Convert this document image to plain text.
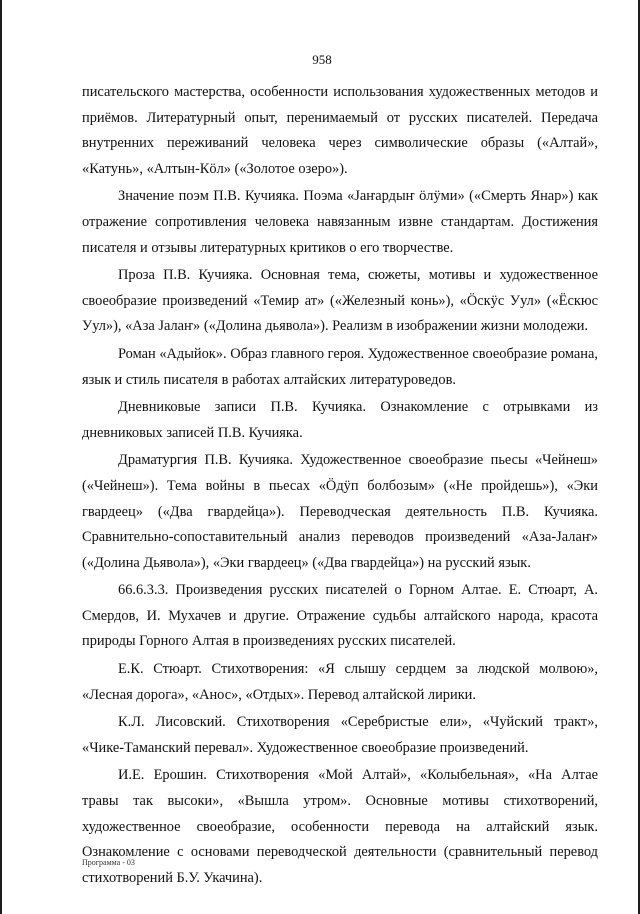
958

писательского мастерства, особенности использования художественных методов и приёмов. Литературный опыт, перенимаемый от русских писателей. Передача внутренних переживаний человека через символические образы («Алтай», «Катунь», «Алтын-Кӧл» («Золотое озеро»).

Значение поэм П.В. Кучияка. Поэма «Јаҥардыҥ ӧлӱми» («Смерть Янар») как отражение сопротивления человека навязанным извне стандартам. Достижения писателя и отзывы литературных критиков о его творчестве.

Проза П.В. Кучияка. Основная тема, сюжеты, мотивы и художественное своеобразие произведений «Темир ат» («Железный конь»), «Ӧскӱс Уул» («Ёскюс Уул»), «Аза Јалаҥ» («Долина дьявола»). Реализм в изображении жизни молодежи.

Роман «Адыйок». Образ главного героя. Художественное своеобразие романа, язык и стиль писателя в работах алтайских литературоведов.

Дневниковые записи П.В. Кучияка. Ознакомление с отрывками из дневниковых записей П.В. Кучияка.

Драматургия П.В. Кучияка. Художественное своеобразие пьесы «Чейнеш» («Чейнеш»). Тема войны в пьесах «Ӧдӱп болбозым» («Не пройдешь»), «Эки гвардеец» («Два гвардейца»). Переводческая деятельность П.В. Кучияка. Сравнительно-сопоставительный анализ переводов произведений «Аза-Јалаҥ» («Долина Дьявола»), «Эки гвардеец» («Два гвардейца») на русский язык.

66.6.3.3. Произведения русских писателей о Горном Алтае. Е. Стюарт, А. Смердов, И. Мухачев и другие. Отражение судьбы алтайского народа, красота природы Горного Алтая в произведениях русских писателей.

Е.К. Стюарт. Стихотворения: «Я слышу сердцем за людской молвою», «Лесная дорога», «Анос», «Отдых». Перевод алтайской лирики.

К.Л. Лисовский. Стихотворения «Серебристые ели», «Чуйский тракт», «Чике-Таманский перевал». Художественное своеобразие произведений.

И.Е. Ерошин. Стихотворения «Мой Алтай», «Колыбельная», «На Алтае травы так высоки», «Вышла утром». Основные мотивы стихотворений, художественное своеобразие, особенности перевода на алтайский язык. Ознакомление с основами переводческой деятельности (сравнительный перевод стихотворений Б.У. Укачина).

Программа - 03
